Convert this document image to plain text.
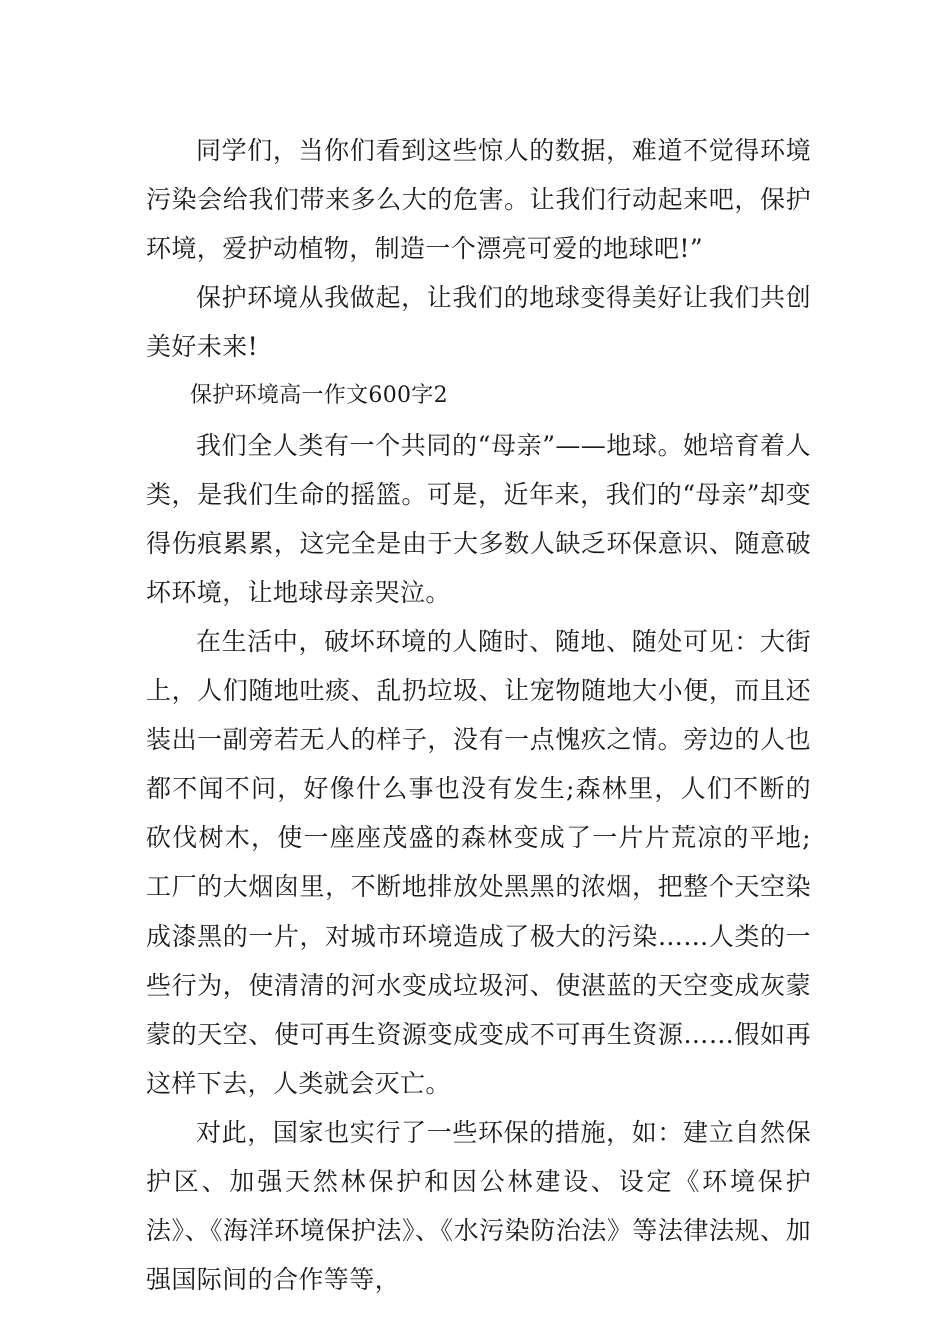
同学们，当你们看到这些惊人的数据，难道不觉得环境污染会给我们带来多么大的危害。让我们行动起来吧，保护环境，爱护动植物，制造一个漂亮可爱的地球吧!”

保护环境从我做起，让我们的地球变得美好让我们共创美好未来!

保护环境高一作文600字2

我们全人类有一个共同的“母亲”——地球。她培育着人类，是我们生命的摇篮。可是，近年来，我们的“母亲”却变得伤痕累累，这完全是由于大多数人缺乏环保意识、随意破坏环境，让地球母亲哭泣。

在生活中，破坏环境的人随时、随地、随处可见：大街上，人们随地吐痰、乱扔垃圾、让宠物随地大小便，而且还装出一副旁若无人的样子，没有一点愧疚之情。旁边的人也都不闻不问，好像什么事也没有发生;森林里，人们不断的砍伐树木，使一座座茂盛的森林变成了一片片荒凉的平地;工厂的大烟囱里，不断地排放处黑黑的浓烟，把整个天空染成漆黑的一片，对城市环境造成了极大的污染……人类的一些行为，使清清的河水变成垃圾河、使湛蓝的天空变成灰蒙蒙的天空、使可再生资源变成变成不可再生资源……假如再这样下去，人类就会灭亡。

对此，国家也实行了一些环保的措施，如：建立自然保护区、加强天然林保护和因公林建设、设定《环境保护法》、《海洋环境保护法》、《水污染防治法》等法律法规、加强国际间的合作等等，
